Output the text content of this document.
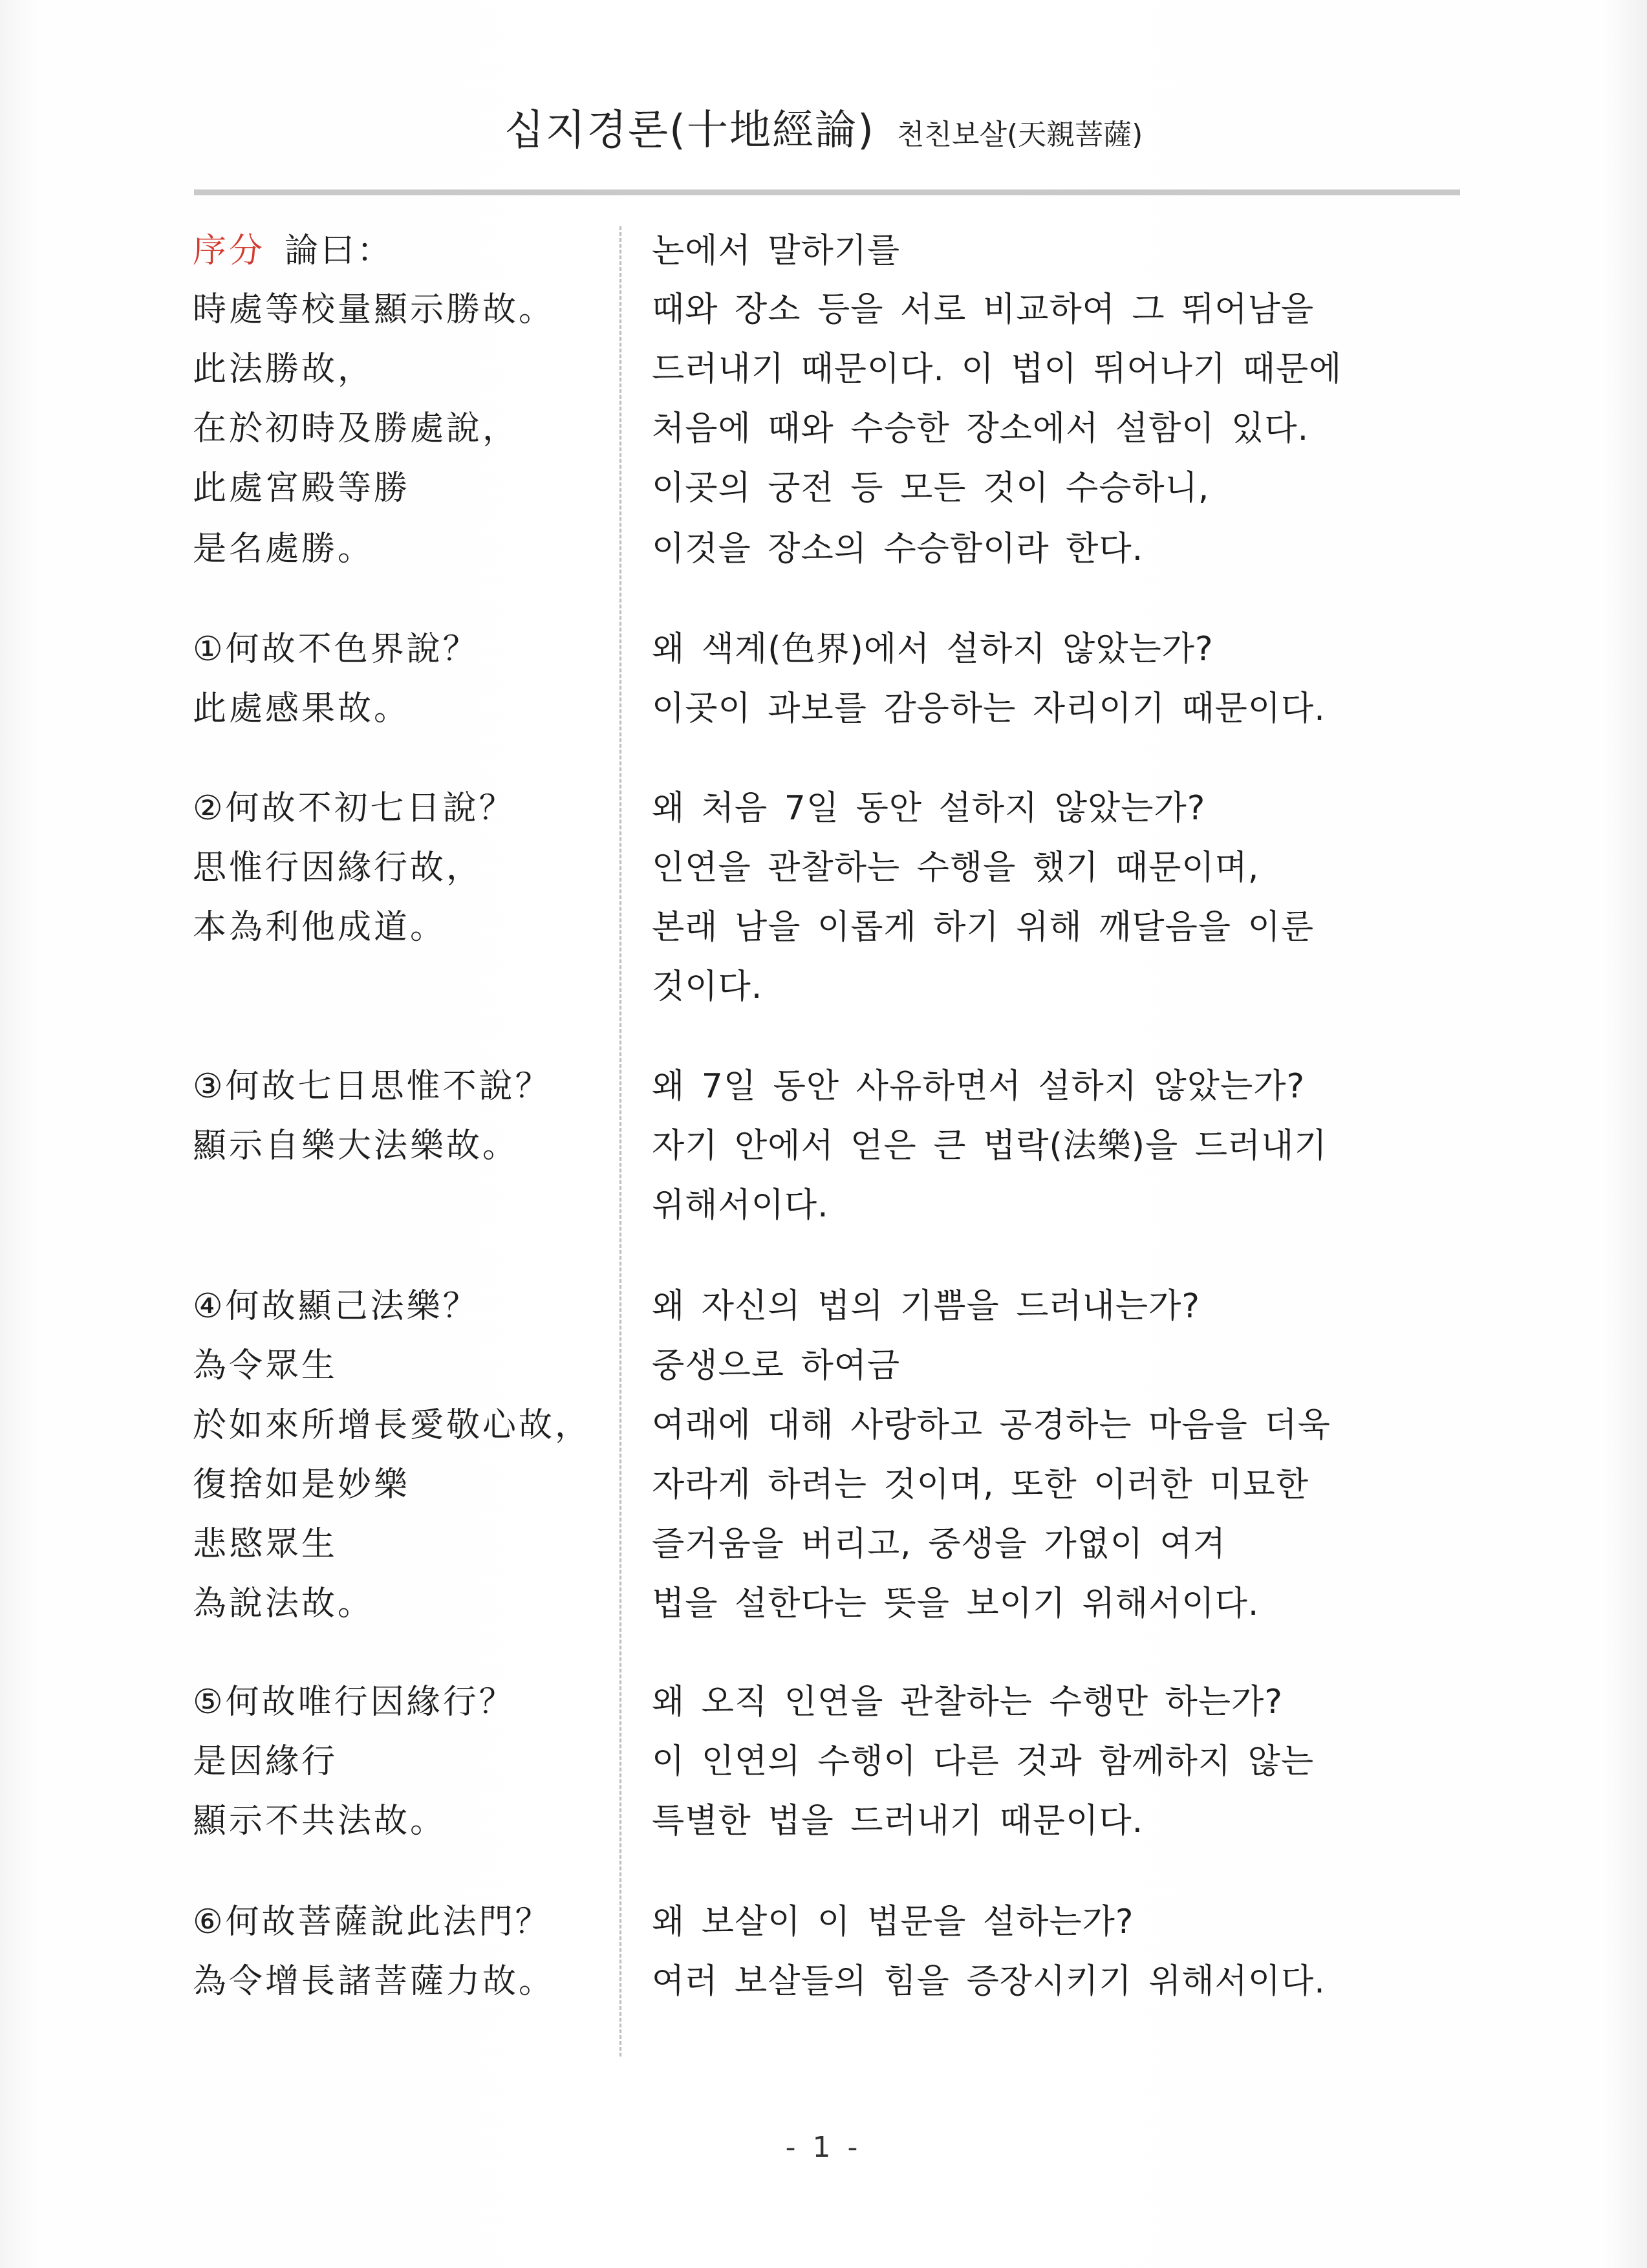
십지경론(十地經論) 천친보살(天親菩薩)
序分 論曰：
時處等校量顯示勝故。
此法勝故，
在於初時及勝處說，
此處宮殿等勝
是名處勝。
논에서 말하기를
때와 장소 등을 서로 비교하여 그 뛰어남을
드러내기 때문이다. 이 법이 뛰어나기 때문에
처음에 때와 수승한 장소에서 설함이 있다.
이곳의 궁전 등 모든 것이 수승하니,
이것을 장소의 수승함이라 한다.
①何故不色界說？
此處感果故。
왜 색계(色界)에서 설하지 않았는가?
이곳이 과보를 감응하는 자리이기 때문이다.
②何故不初七日說？
思惟行因緣行故，
本為利他成道。
왜 처음 7일 동안 설하지 않았는가?
인연을 관찰하는 수행을 했기 때문이며,
본래 남을 이롭게 하기 위해 깨달음을 이룬
것이다.
③何故七日思惟不說？
顯示自樂大法樂故。
왜 7일 동안 사유하면서 설하지 않았는가?
자기 안에서 얻은 큰 법락(法樂)을 드러내기
위해서이다.
④何故顯己法樂？
為令眾生
於如來所增長愛敬心故，
復捨如是妙樂
悲愍眾生
為說法故。
왜 자신의 법의 기쁨을 드러내는가?
중생으로 하여금
여래에 대해 사랑하고 공경하는 마음을 더욱
자라게 하려는 것이며, 또한 이러한 미묘한
즐거움을 버리고, 중생을 가엾이 여겨
법을 설한다는 뜻을 보이기 위해서이다.
⑤何故唯行因緣行？
是因緣行
顯示不共法故。
왜 오직 인연을 관찰하는 수행만 하는가?
이 인연의 수행이 다른 것과 함께하지 않는
특별한 법을 드러내기 때문이다.
⑥何故菩薩說此法門？
為令增長諸菩薩力故。
왜 보살이 이 법문을 설하는가?
여러 보살들의 힘을 증장시키기 위해서이다.
- 1 -
